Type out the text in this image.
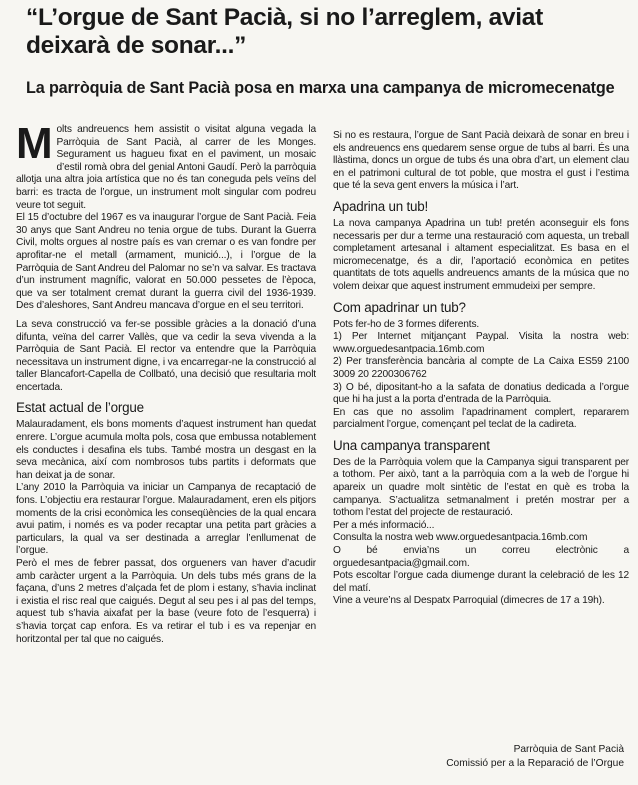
“L’orgue de Sant Pacià, si no l’arreglem, aviat deixarà de sonar...”
La parròquia de Sant Pacià posa en marxa una campanya de micromecenatge

Molts andreuencs hem assistit o visitat alguna vegada la Parròquia de Sant Pacià, al carrer de les Monges. Segurament us hagueu fixat en el paviment, un mosaic d’estil romà obra del genial Antoni Gaudí. Però la parròquia allotja una altra joia artística que no és tan coneguda pels veïns del barri: es tracta de l’orgue, un instrument molt singular com podreu veure tot seguit.

El 15 d’octubre del 1967 es va inaugurar l’orgue de Sant Pacià. Feia 30 anys que Sant Andreu no tenia orgue de tubs. Durant la Guerra Civil, molts orgues al nostre país es van cremar o es van fondre per aprofitar-ne el metall (armament, munició...), i l’orgue de la Parròquia de Sant Andreu del Palomar no se’n va salvar. Es tractava d’un instrument magnífic, valorat en 50.000 pessetes de l’època, que va ser totalment cremat durant la guerra civil del 1936-1939. Des d’aleshores, Sant Andreu mancava d’orgue en el seu territori.

La seva construcció va fer-se possible gràcies a la donació d’una difunta, veïna del carrer Vallès, que va cedir la seva vivenda a la Parròquia de Sant Pacià. El rector va entendre que la Parròquia necessitava un instrument digne, i va encarregar-ne la construcció al taller Blancafort-Capella de Collbató, una decisió que resultaria molt encertada.

Estat actual de l’orgue

Malauradament, els bons moments d’aquest instrument han quedat enrere. L’orgue acumula molta pols, cosa que embussa notablement els conductes i desafina els tubs. També mostra un desgast en la seva mecànica, així com nombrosos tubs partits i deformats que han deixat ja de sonar.

L’any 2010 la Parròquia va iniciar un Campanya de recaptació de fons. L’objectiu era restaurar l’orgue. Malauradament, eren els pitjors moments de la crisi econòmica les conseqüències de la qual encara avui patim, i només es va poder recaptar una petita part gràcies a particulars, la qual va ser destinada a arreglar l’enllumenat de l’orgue.

Però el mes de febrer passat, dos orgueners van haver d’acudir amb caràcter urgent a la Parròquia. Un dels tubs més grans de la façana, d’uns 2 metres d’alçada fet de plom i estany, s’havia inclinat i existia el risc real que caigués. Degut al seu pes i al pas del temps, aquest tub s’havia aixafat per la base (veure foto de l’esquerra) i s’havia torçat cap enfora. Es va retirar el tub i es va repenjar en horitzontal per tal que no caigués.

Si no es restaura, l’orgue de Sant Pacià deixarà de sonar en breu i els andreuencs ens quedarem sense orgue de tubs al barri. És una llàstima, doncs un orgue de tubs és una obra d’art, un element clau en el patrimoni cultural de tot poble, que mostra el gust i l’estima que té la seva gent envers la música i l’art.

Apadrina un tub!

La nova campanya Apadrina un tub! pretén aconseguir els fons necessaris per dur a terme una restauració com aquesta, un treball completament artesanal i altament especialitzat. Es basa en el micromecenatge, és a dir, l’aportació econòmica en petites quantitats de tots aquells andreuencs amants de la música que no volem deixar que aquest instrument emmudeixi per sempre.

Com apadrinar un tub?

Pots fer-ho de 3 formes diferents.

1) Per Internet mitjançant Paypal. Visita la nostra web: www.orguedesantpacia.16mb.com

2) Per transferència bancària al compte de La Caixa ES59 2100 3009 20 2200306762

3) O bé, dipositant-ho a la safata de donatius dedicada a l’orgue que hi ha just a la porta d’entrada de la Parròquia.

En cas que no assolim l’apadrinament complert, repararem parcialment l’orgue, començant pel teclat de la cadireta.

Una campanya transparent

Des de la Parròquia volem que la Campanya sigui transparent per a tothom. Per això, tant a la parròquia com a la web de l’orgue hi apareix un quadre molt sintètic de l’estat en què es troba la campanya. S’actualitza setmanalment i pretén mostrar per a tothom l’estat del projecte de restauració.

Per a més informació...

Consulta la nostra web www.orguedesantpacia.16mb.com

O bé envia’ns un correu electrònic a orguedesantpacia@gmail.com.

Pots escoltar l’orgue cada diumenge durant la celebració de les 12 del matí.

Vine a veure’ns al Despatx Parroquial (dimecres de 17 a 19h).

Parròquia de Sant Pacià
Comissió per a la Reparació de l’Orgue
